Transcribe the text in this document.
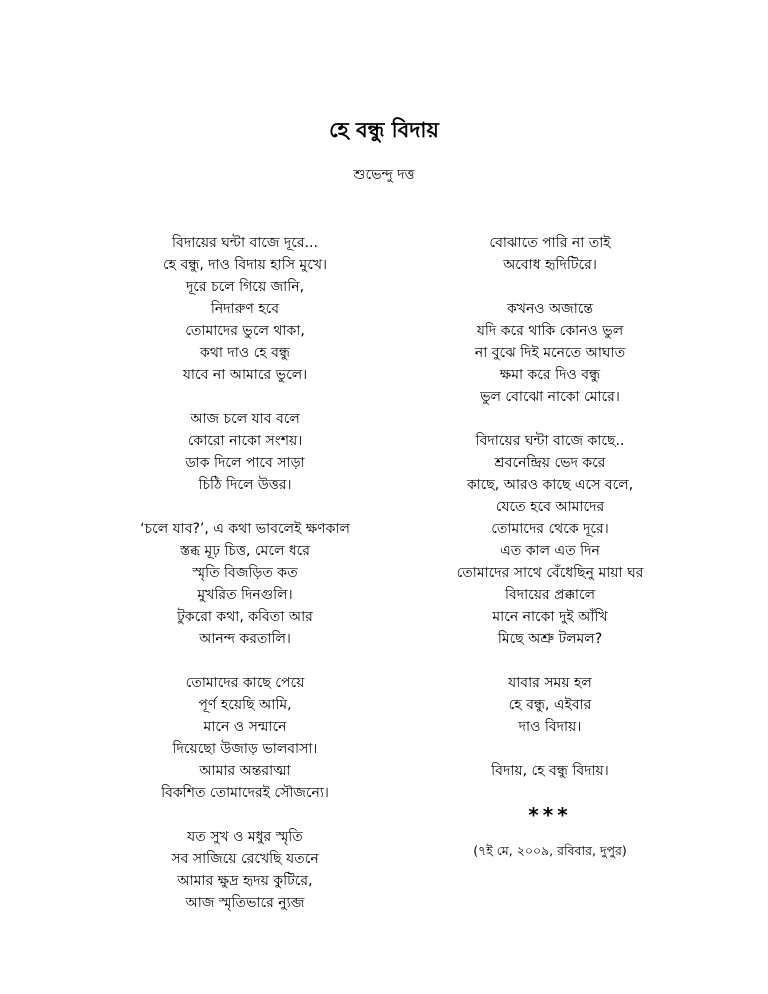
হে বন্ধু বিদায়
শুভেন্দু দত্ত
বিদায়ের ঘন্টা বাজে দূরে...
হে বন্ধু, দাও বিদায় হাসি মুখে।
দূরে চলে গিয়ে জানি,
নিদারুণ হবে
তোমাদের ভুলে থাকা,
কথা দাও হে বন্ধু
যাবে না আমারে ভুলে।
আজ চলে যাব বলে
কোরো নাকো সংশয়।
ডাক দিলে পাবে সাড়া
চিঠি দিলে উত্তর।
‘চলে যাব?’, এ কথা ভাবলেই ক্ষণকাল
স্তব্ধ মূঢ় চিত্ত, মেলে ধরে
স্মৃতি বিজড়িত কত
মুখরিত দিনগুলি।
টুকরো কথা, কবিতা আর
আনন্দ করতালি।
তোমাদের কাছে পেয়ে
পূর্ণ হয়েছি আমি,
মানে ও সন্মানে
দিয়েছো উজাড় ভালবাসা।
আমার অন্তরাত্মা
বিকশিত তোমাদেরই সৌজন্যে।
যত সুখ ও মধুর স্মৃতি
সব সাজিয়ে রেখেছি যতনে
আমার ক্ষুদ্র হৃদয় কুটিরে,
আজ স্মৃতিভারে ন্যুব্জ
বোঝাতে পারি না তাই
অবোধ হৃদিটিরে।
কখনও অজান্তে
যদি করে থাকি কোনও ভুল
না বুঝে দিই মনেতে আঘাত
ক্ষমা করে দিও বন্ধু
ভুল বোঝো নাকো মোরে।
বিদায়ের ঘন্টা বাজে কাছে..
শ্রবনেন্দ্রিয় ভেদ করে
কাছে, আরও কাছে এসে বলে,
যেতে হবে আমাদের
তোমাদের থেকে দূরে।
এত কাল এত দিন
তোমাদের সাথে বেঁধেছিনু মায়া ঘর
বিদায়ের প্রক্কালে
মানে নাকো দুই আঁখি
মিছে অশ্রু টলমল?
যাবার সময় হল
হে বন্ধু, এইবার
দাও বিদায়।
বিদায়, হে বন্ধু বিদায়।
***
(৭ই মে, ২০০৯, রবিবার, দুপুর)
